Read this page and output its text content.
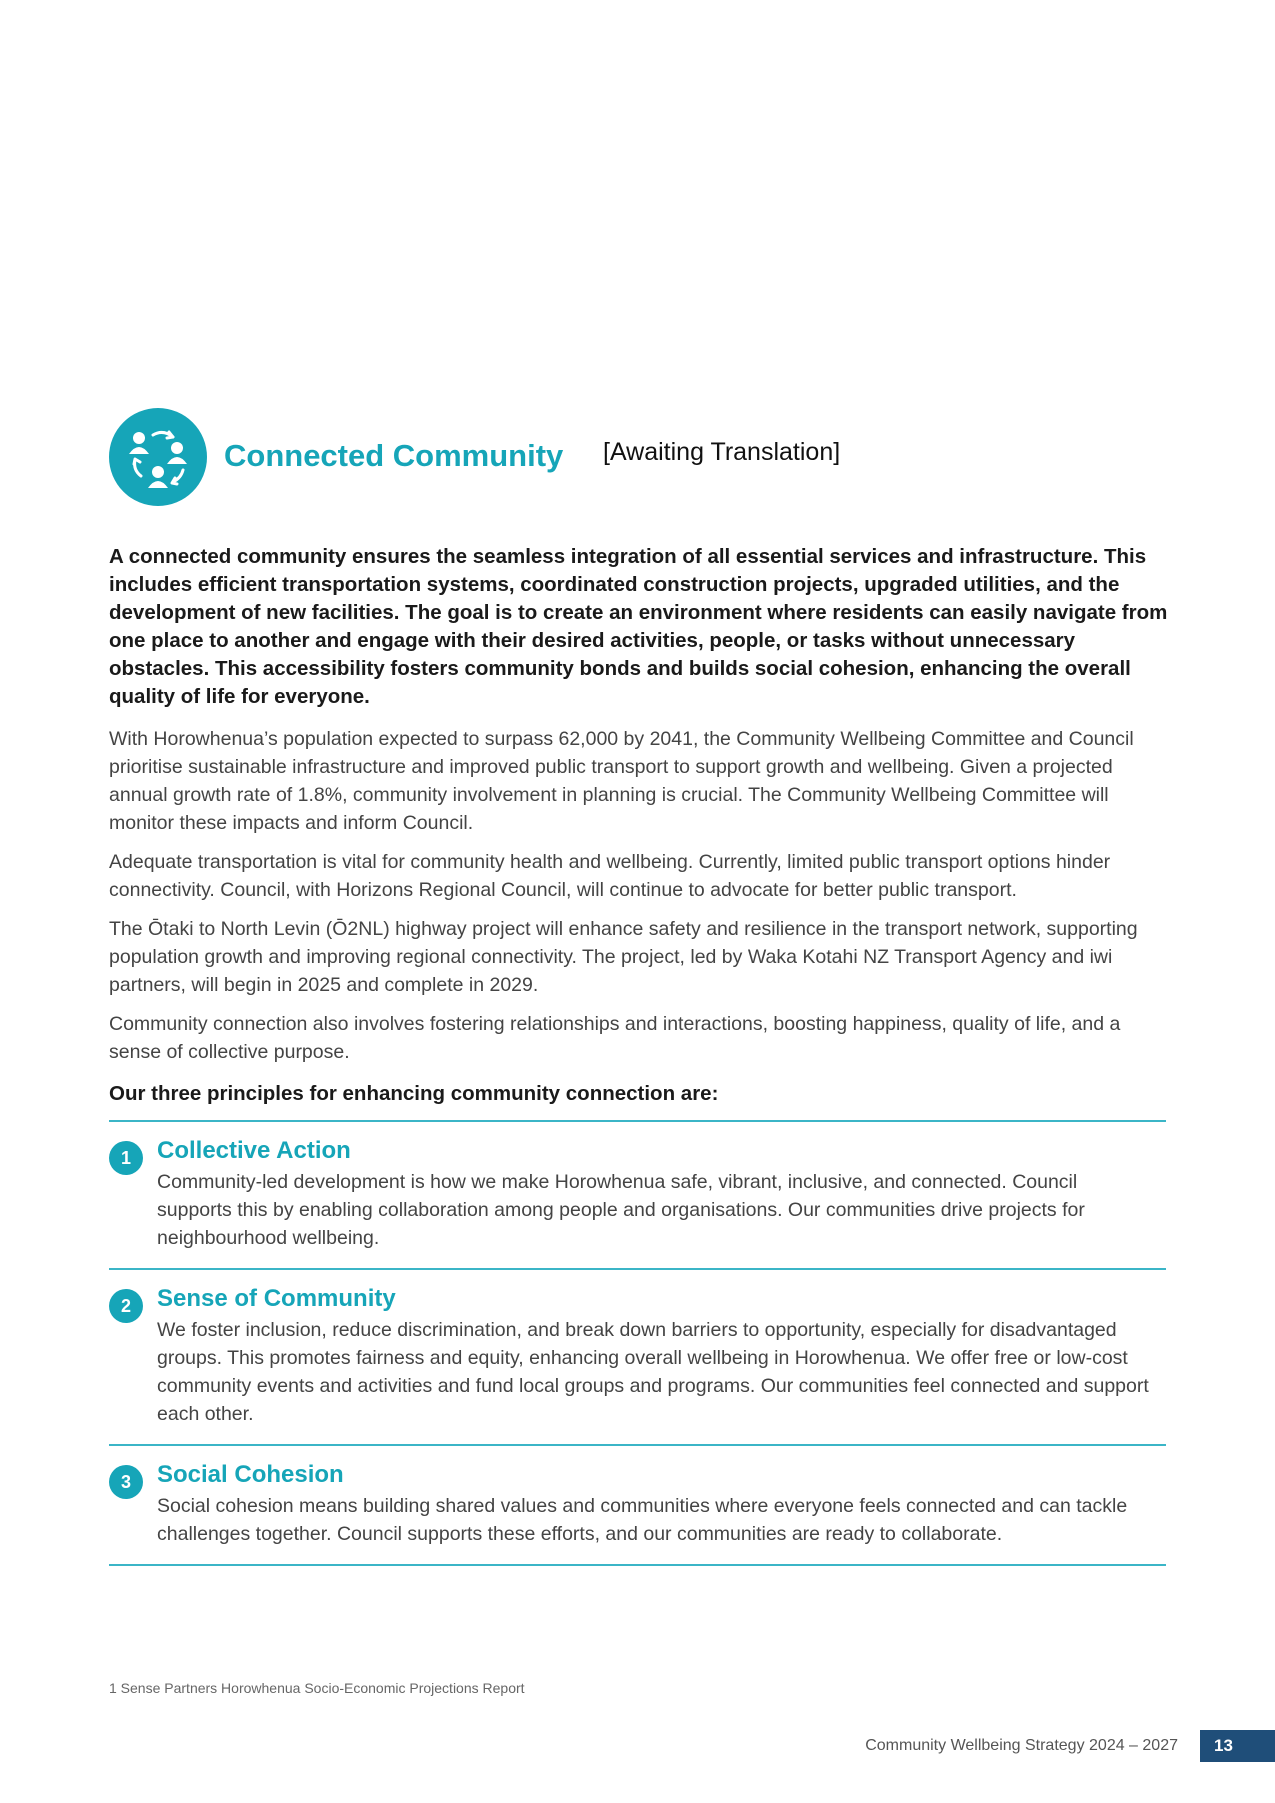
Connected Community [Awaiting Translation]

A connected community ensures the seamless integration of all essential services and infrastructure. This includes efficient transportation systems, coordinated construction projects, upgraded utilities, and the development of new facilities. The goal is to create an environment where residents can easily navigate from one place to another and engage with their desired activities, people, or tasks without unnecessary obstacles. This accessibility fosters community bonds and builds social cohesion, enhancing the overall quality of life for everyone.

With Horowhenua’s population expected to surpass 62,000 by 2041, the Community Wellbeing Committee and Council prioritise sustainable infrastructure and improved public transport to support growth and wellbeing. Given a projected annual growth rate of 1.8%, community involvement in planning is crucial. The Community Wellbeing Committee will monitor these impacts and inform Council.

Adequate transportation is vital for community health and wellbeing. Currently, limited public transport options hinder connectivity. Council, with Horizons Regional Council, will continue to advocate for better public transport.

The Ōtaki to North Levin (Ō2NL) highway project will enhance safety and resilience in the transport network, supporting population growth and improving regional connectivity. The project, led by Waka Kotahi NZ Transport Agency and iwi partners, will begin in 2025 and complete in 2029.

Community connection also involves fostering relationships and interactions, boosting happiness, quality of life, and a sense of collective purpose.

Our three principles for enhancing community connection are:

1	Collective Action

Community-led development is how we make Horowhenua safe, vibrant, inclusive, and connected. Council supports this by enabling collaboration among people and organisations. Our communities drive projects for neighbourhood wellbeing.

2	Sense of Community

We foster inclusion, reduce discrimination, and break down barriers to opportunity, especially for disadvantaged groups. This promotes fairness and equity, enhancing overall wellbeing in Horowhenua. We offer free or low-cost community events and activities and fund local groups and programs. Our communities feel connected and support each other.

3	Social Cohesion

Social cohesion means building shared values and communities where everyone feels connected and can tackle challenges together. Council supports these efforts, and our communities are ready to collaborate.

1 Sense Partners Horowhenua Socio-Economic Projections Report
Community Wellbeing Strategy 2024 – 2027	13
